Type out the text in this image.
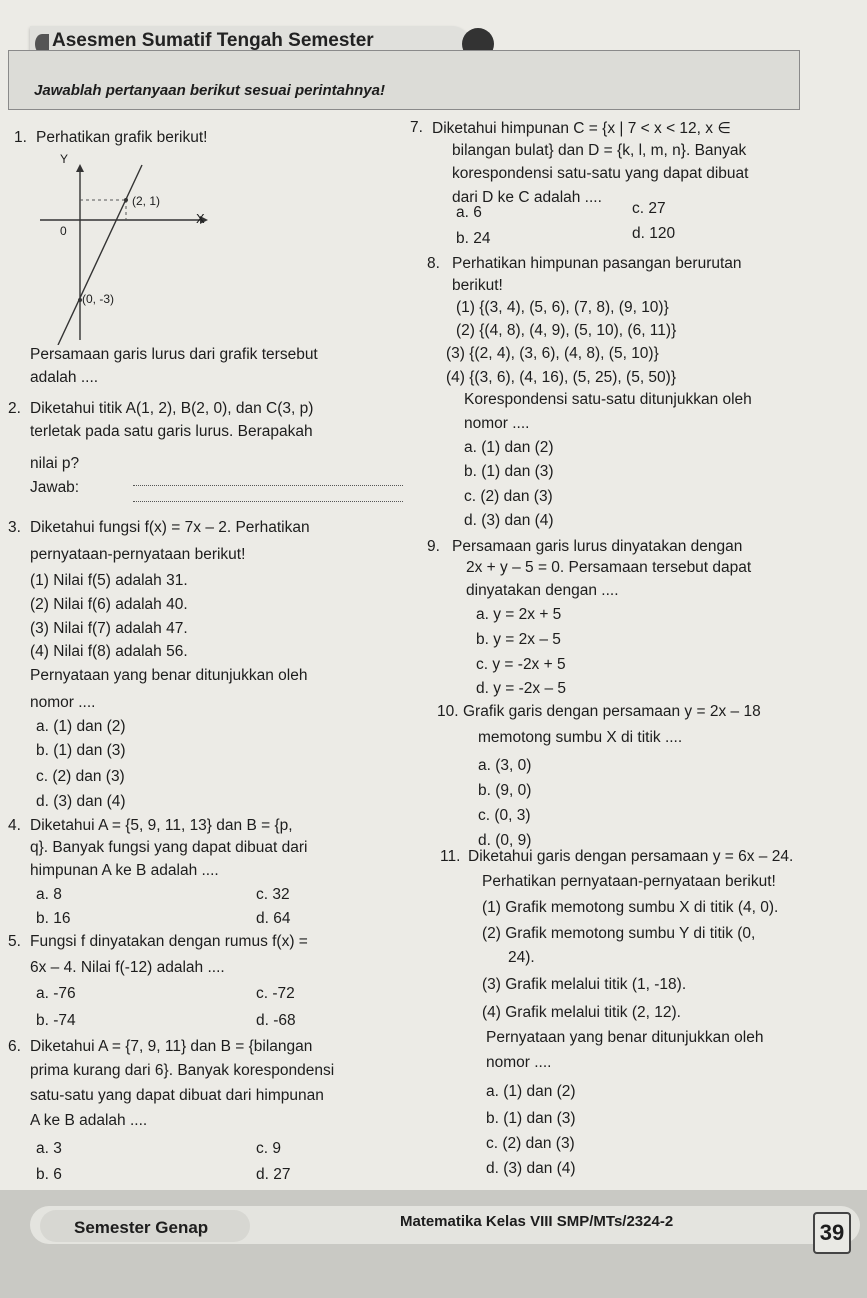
Asesmen Sumatif Tengah Semester
Jawablah pertanyaan berikut sesuai perintahnya!
1. Perhatikan grafik berikut!
Y
X
0
(2, 1)
(0, -3)
Persamaan garis lurus dari grafik tersebut
adalah ....
2. Diketahui titik A(1, 2), B(2, 0), dan C(3, p)
terletak pada satu garis lurus. Berapakah
nilai p?
Jawab:
3. Diketahui fungsi f(x) = 7x – 2. Perhatikan
pernyataan-pernyataan berikut!
(1) Nilai f(5) adalah 31.
(2) Nilai f(6) adalah 40.
(3) Nilai f(7) adalah 47.
(4) Nilai f(8) adalah 56.
Pernyataan yang benar ditunjukkan oleh
nomor ....
a. (1) dan (2)
b. (1) dan (3)
c. (2) dan (3)
d. (3) dan (4)
4. Diketahui A = {5, 9, 11, 13} dan B = {p,
q}. Banyak fungsi yang dapat dibuat dari
himpunan A ke B adalah ....
a. 8	c. 32
b. 16	d. 64
5. Fungsi f dinyatakan dengan rumus f(x) =
6x – 4. Nilai f(-12) adalah ....
a. -76	c. -72
b. -74	d. -68
6. Diketahui A = {7, 9, 11} dan B = {bilangan
prima kurang dari 6}. Banyak korespondensi
satu-satu yang dapat dibuat dari himpunan
A ke B adalah ....
a. 3	c. 9
b. 6	d. 27
7. Diketahui himpunan C = {x | 7 < x < 12, x ∈
bilangan bulat} dan D = {k, l, m, n}. Banyak
korespondensi satu-satu yang dapat dibuat
dari D ke C adalah ....
a. 6	c. 27
b. 24	d. 120
8. Perhatikan himpunan pasangan berurutan
berikut!
(1) {(3, 4), (5, 6), (7, 8), (9, 10)}
(2) {(4, 8), (4, 9), (5, 10), (6, 11)}
(3) {(2, 4), (3, 6), (4, 8), (5, 10)}
(4) {(3, 6), (4, 16), (5, 25), (5, 50)}
Korespondensi satu-satu ditunjukkan oleh
nomor ....
a. (1) dan (2)
b. (1) dan (3)
c. (2) dan (3)
d. (3) dan (4)
9. Persamaan garis lurus dinyatakan dengan
2x + y – 5 = 0. Persamaan tersebut dapat
dinyatakan dengan ....
a. y = 2x + 5
b. y = 2x – 5
c. y = -2x + 5
d. y = -2x – 5
10. Grafik garis dengan persamaan y = 2x – 18
memotong sumbu X di titik ....
a. (3, 0)
b. (9, 0)
c. (0, 3)
d. (0, 9)
11. Diketahui garis dengan persamaan y = 6x – 24.
Perhatikan pernyataan-pernyataan berikut!
(1) Grafik memotong sumbu X di titik (4, 0).
(2) Grafik memotong sumbu Y di titik (0,
24).
(3) Grafik melalui titik (1, -18).
(4) Grafik melalui titik (2, 12).
Pernyataan yang benar ditunjukkan oleh
nomor ....
a. (1) dan (2)
b. (1) dan (3)
c. (2) dan (3)
d. (3) dan (4)
Semester Genap	Matematika Kelas VIII SMP/MTs/2324-2	39
